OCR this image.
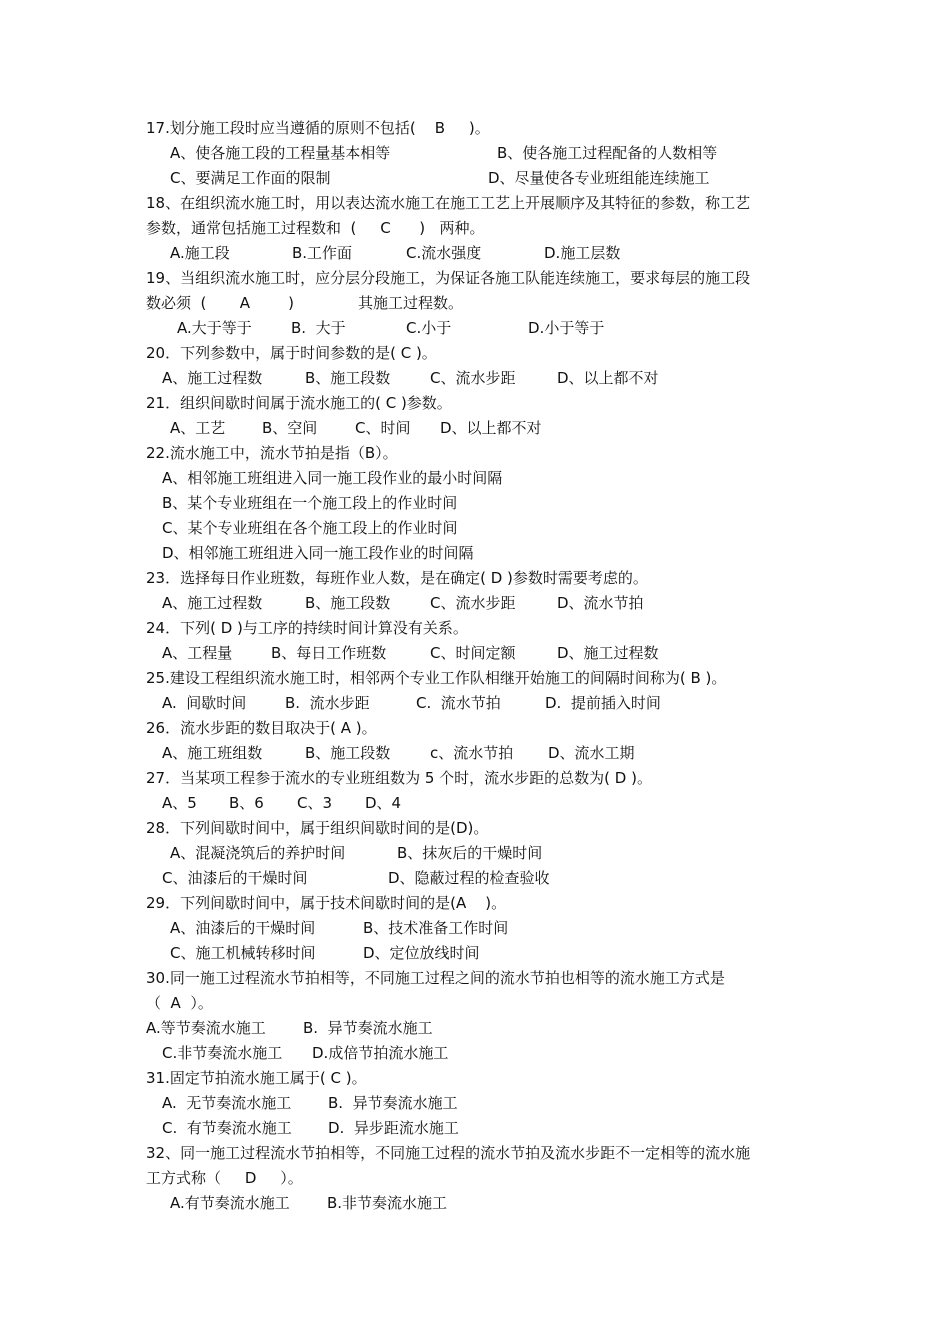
17.划分施工段时应当遵循的原则不包括(    B     )。
A、使各施工段的工程量基本相等	B、使各施工过程配备的人数相等
C、要满足工作面的限制	D、尽量使各专业班组能连续施工
18、在组织流水施工时，用以表达流水施工在施工工艺上开展顺序及其特征的参数，称工艺
参数，通常包括施工过程数和  (     C      )   两种。
A.施工段	B.工作面	C.流水强度	D.施工层数
19、当组织流水施工时，应分层分段施工，为保证各施工队能连续施工，要求每层的施工段
数必须  (       A        )	其施工过程数。
A.大于等于	B.  大于	C.小于	D.小于等于
20．下列参数中，属于时间参数的是( C )。
A、施工过程数	B、施工段数	C、流水步距	D、以上都不对
21．组织间歇时间属于流水施工的( C )参数。
A、工艺 B、空间	C、时间 D、以上都不对
22.流水施工中，流水节拍是指（B）。
A、相邻施工班组进入同一施工段作业的最小时间隔
B、某个专业班组在一个施工段上的作业时间
C、某个专业班组在各个施工段上的作业时间
D、相邻施工班组进入同一施工段作业的时间隔
23．选择每日作业班数，每班作业人数，是在确定( D )参数时需要考虑的。
A、施工过程数	B、施工段数	C、流水步距	D、流水节拍
24．下列( D )与工序的持续时间计算没有关系。
A、工程量	B、每日工作班数	C、时间定额	D、施工过程数
25.建设工程组织流水施工时，相邻两个专业工作队相继开始施工的间隔时间称为( B )。
A.  间歇时间	B.  流水步距	C.  流水节拍	D.  提前插入时间
26．流水步距的数目取决于( A )。
A、施工班组数	B、施工段数	c、流水节拍 D、流水工期
27．当某项工程参于流水的专业班组数为 5 个时，流水步距的总数为( D )。
A、5 B、6 C、3 D、4
28．下列间歇时间中，属于组织间歇时间的是(D)。
A、混凝浇筑后的养护时间	B、抹灰后的干燥时间
C、油漆后的干燥时间	D、隐蔽过程的检查验收
29．下列间歇时间中，属于技术间歇时间的是(A    )。
A、油漆后的干燥时间	B、技术准备工作时间
C、施工机械转移时间	D、定位放线时间
30.同一施工过程流水节拍相等，不同施工过程之间的流水节拍也相等的流水施工方式是
（  A  ）。
A.等节奏流水施工 B.  异节奏流水施工
C.非节奏流水施工 D.成倍节拍流水施工
31.固定节拍流水施工属于( C )。
A.  无节奏流水施工 B.  异节奏流水施工
C.  有节奏流水施工 D.  异步距流水施工
32、同一施工过程流水节拍相等，不同施工过程的流水节拍及流水步距不一定相等的流水施
工方式称（     D     ）。
A.有节奏流水施工 B.非节奏流水施工
